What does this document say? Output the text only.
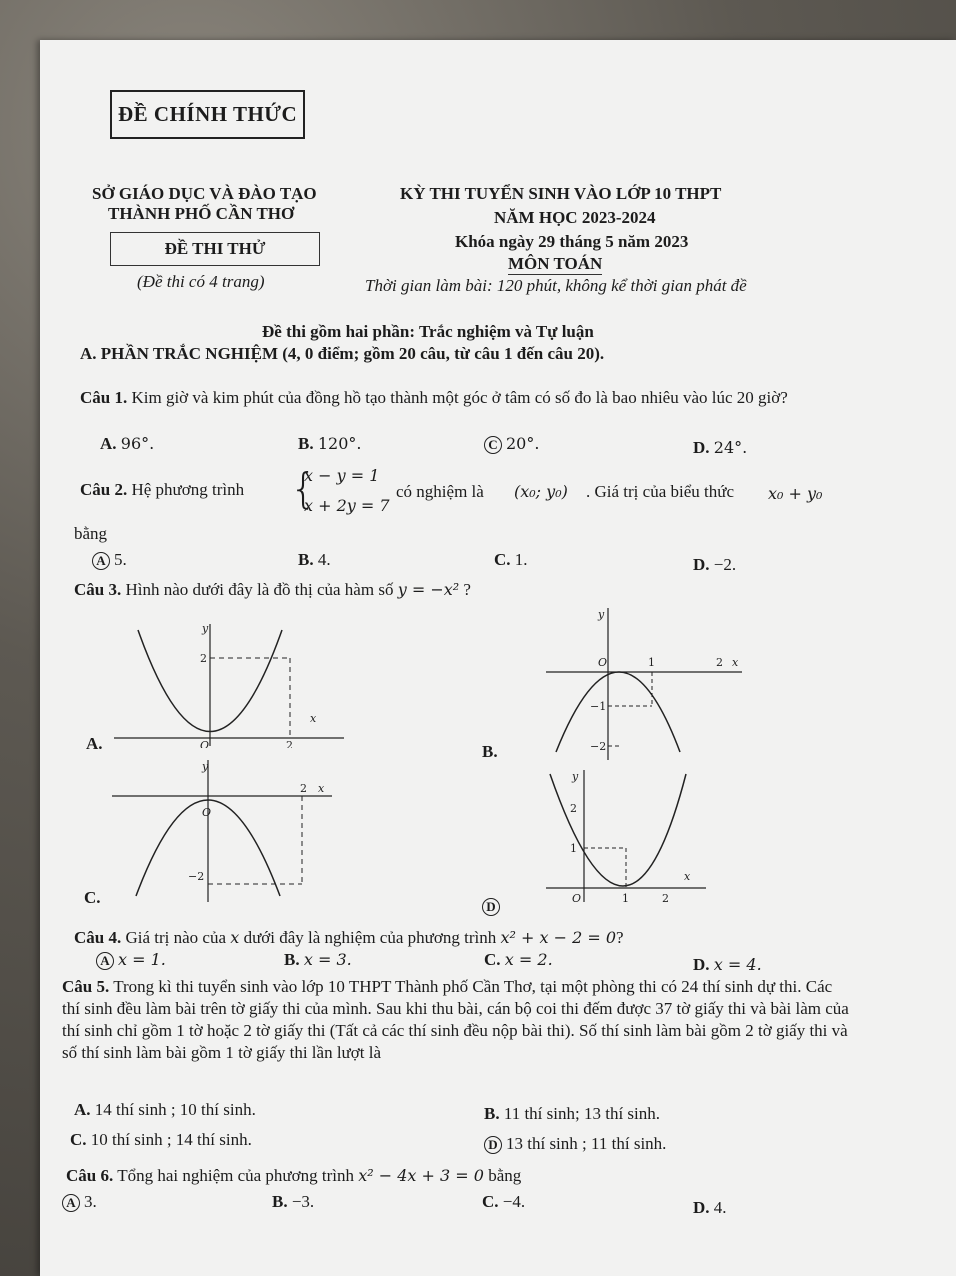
ĐỀ CHÍNH THỨC
SỞ GIÁO DỤC VÀ ĐÀO TẠO
THÀNH PHỐ CẦN THƠ
ĐỀ THI THỬ
(Đề thi có 4 trang)
KỲ THI TUYỂN SINH VÀO LỚP 10 THPT
NĂM HỌC 2023-2024
Khóa ngày 29 tháng 5 năm 2023
MÔN TOÁN
Thời gian làm bài: 120 phút, không kể thời gian phát đề
Đề thi gồm hai phần: Trắc nghiệm và Tự luận
A. PHẦN TRẮC NGHIỆM (4, 0 điểm; gồm 20 câu, từ câu 1 đến câu 20).
Câu 1. Kim giờ và kim phút của đồng hồ tạo thành một góc ở tâm có số đo là bao nhiêu vào lúc 20 giờ?
A. 96°.	B. 120°.	C 20°.	D. 24°.
Câu 2. Hệ phương trình {
x − y = 1
x + 2y = 7
có nghiệm là (x₀; y₀) . Giá trị của biểu thức x₀ + y₀
bằng
A 5.	B. 4.	C. 1.	D. −2.
Câu 3. Hình nào dưới đây là đồ thị của hàm số y = −x² ?
y
2
x
O	2
A.
y
O	1	2 x
−1
−2
B.
y
O
2 x
−2
C.
y
2
1
x
O	1	2
D
Câu 4. Giá trị nào của x dưới đây là nghiệm của phương trình x² + x − 2 = 0?
A x = 1.	B. x = 3.	C. x = 2.	D. x = 4.
Câu 5. Trong kì thi tuyển sinh vào lớp 10 THPT Thành phố Cần Thơ, tại một phòng thi có 24 thí sinh dự thi. Các thí sinh đều làm bài trên tờ giấy thi của mình. Sau khi thu bài, cán bộ coi thi đếm được 37 tờ giấy thi và bài làm của thí sinh chỉ gồm 1 tờ hoặc 2 tờ giấy thi (Tất cả các thí sinh đều nộp bài thi). Số thí sinh làm bài gồm 2 tờ giấy thi và số thí sinh làm bài gồm 1 tờ giấy thi lần lượt là
A. 14 thí sinh ; 10 thí sinh.	B. 11 thí sinh; 13 thí sinh.
C. 10 thí sinh ; 14 thí sinh.	D 13 thí sinh ; 11 thí sinh.
Câu 6. Tổng hai nghiệm của phương trình x² − 4x + 3 = 0 bằng
A 3.	B. −3.	C. −4.	D. 4.
